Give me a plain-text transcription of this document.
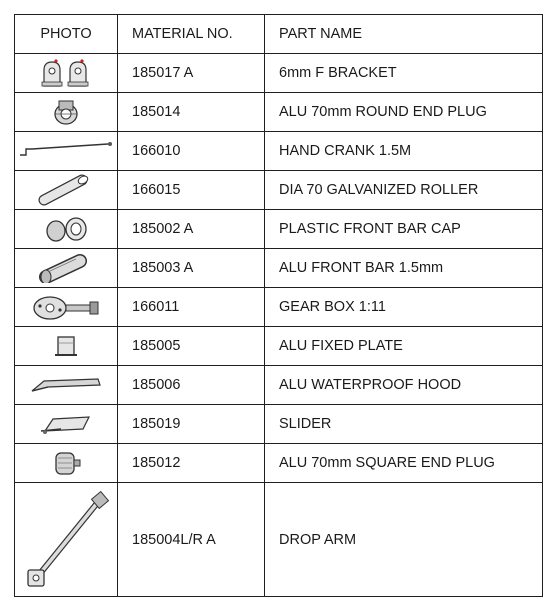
PHOTO	MATERIAL NO.	PART NAME

	185017 A	6mm F BRACKET

	185014	ALU 70mm ROUND END PLUG

	166010	HAND CRANK 1.5M

	166015	DIA 70 GALVANIZED ROLLER

	185002 A	PLASTIC FRONT BAR CAP

	185003 A	ALU FRONT BAR 1.5mm

	166011	GEAR BOX 1:11

	185005	ALU FIXED PLATE

	185006	ALU WATERPROOF HOOD

	185019	SLIDER

	185012	ALU 70mm SQUARE END PLUG

	185004L/R A	DROP ARM
